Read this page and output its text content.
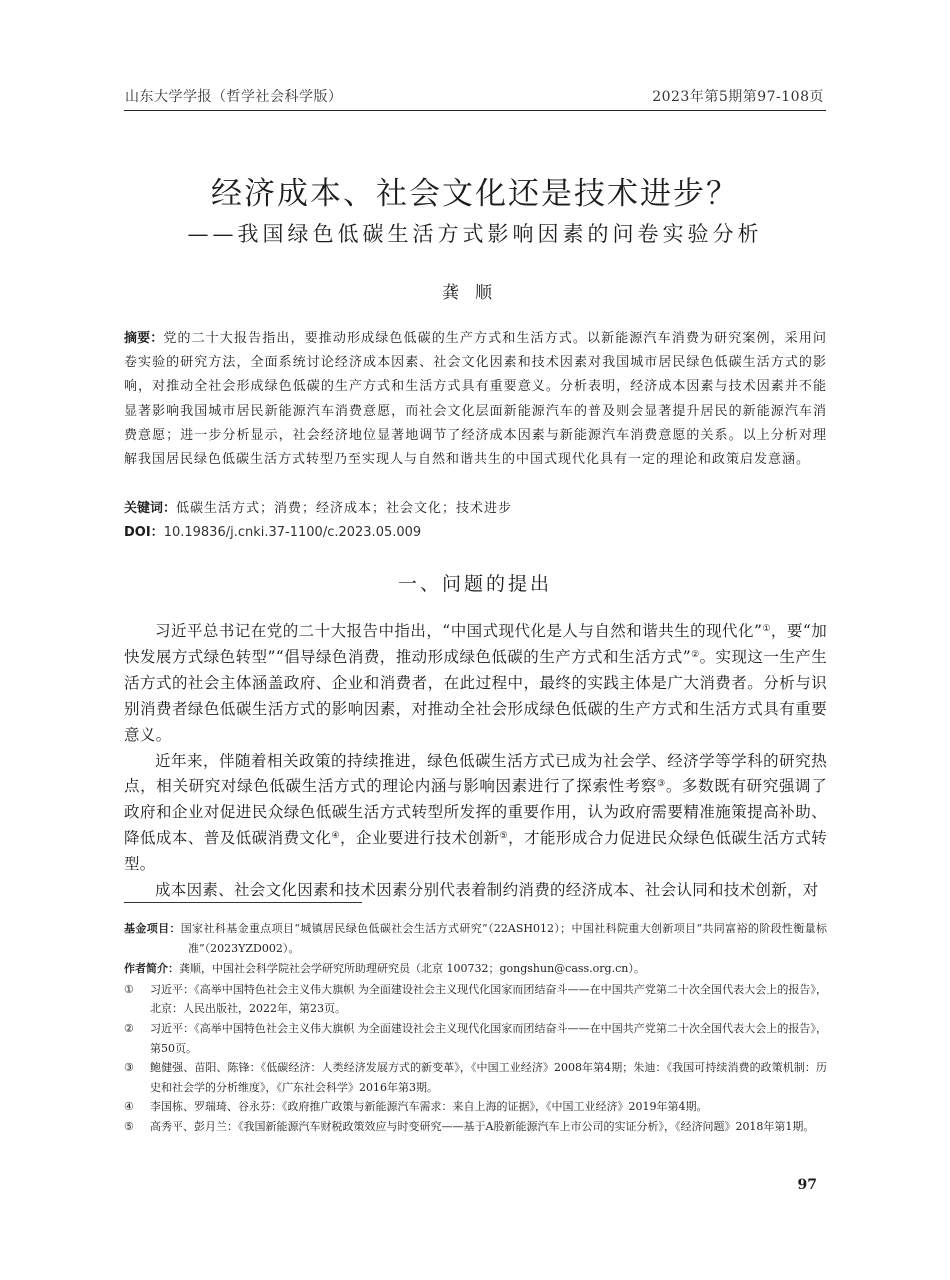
山东大学学报（哲学社会科学版）	2023年第5期第97-108页
经济成本、社会文化还是技术进步？
——我国绿色低碳生活方式影响因素的问卷实验分析
龚顺

摘要：党的二十大报告指出，要推动形成绿色低碳的生产方式和生活方式。以新能源汽车消费为研究案例，采用问卷实验的研究方法，全面系统讨论经济成本因素、社会文化因素和技术因素对我国城市居民绿色低碳生活方式的影响，对推动全社会形成绿色低碳的生产方式和生活方式具有重要意义。分析表明，经济成本因素与技术因素并不能显著影响我国城市居民新能源汽车消费意愿，而社会文化层面新能源汽车的普及则会显著提升居民的新能源汽车消费意愿；进一步分析显示，社会经济地位显著地调节了经济成本因素与新能源汽车消费意愿的关系。以上分析对理解我国居民绿色低碳生活方式转型乃至实现人与自然和谐共生的中国式现代化具有一定的理论和政策启发意涵。

关键词：低碳生活方式；消费；经济成本；社会文化；技术进步
DOI：10.19836/j.cnki.37-1100/c.2023.05.009
一、问题的提出

习近平总书记在党的二十大报告中指出，“中国式现代化是人与自然和谐共生的现代化”①，要“加快发展方式绿色转型”“倡导绿色消费，推动形成绿色低碳的生产方式和生活方式”②。实现这一生产生活方式的社会主体涵盖政府、企业和消费者，在此过程中，最终的实践主体是广大消费者。分析与识别消费者绿色低碳生活方式的影响因素，对推动全社会形成绿色低碳的生产方式和生活方式具有重要意义。

近年来，伴随着相关政策的持续推进，绿色低碳生活方式已成为社会学、经济学等学科的研究热点，相关研究对绿色低碳生活方式的理论内涵与影响因素进行了探索性考察③。多数既有研究强调了政府和企业对促进民众绿色低碳生活方式转型所发挥的重要作用，认为政府需要精准施策提高补助、降低成本、普及低碳消费文化④，企业要进行技术创新⑤，才能形成合力促进民众绿色低碳生活方式转型。

成本因素、社会文化因素和技术因素分别代表着制约消费的经济成本、社会认同和技术创新，对

基金项目：国家社科基金重点项目“城镇居民绿色低碳社会生活方式研究”（22ASH012）；中国社科院重大创新项目“共同富裕的阶段性衡量标准”（2023YZD002）。
作者简介：龚顺，中国社会科学院社会学研究所助理研究员（北京 100732；gongshun@cass.org.cn）。
① 习近平：《高举中国特色社会主义伟大旗帜 为全面建设社会主义现代化国家而团结奋斗——在中国共产党第二十次全国代表大会上的报告》，北京：人民出版社，2022年，第23页。
② 习近平：《高举中国特色社会主义伟大旗帜 为全面建设社会主义现代化国家而团结奋斗——在中国共产党第二十次全国代表大会上的报告》，第50页。
③ 鲍健强、苗阳、陈锋：《低碳经济：人类经济发展方式的新变革》，《中国工业经济》2008年第4期；朱迪：《我国可持续消费的政策机制：历史和社会学的分析维度》，《广东社会科学》2016年第3期。
④ 李国栋、罗瑞琦、谷永芬：《政府推广政策与新能源汽车需求：来自上海的证据》，《中国工业经济》2019年第4期。
⑤ 高秀平、彭月兰：《我国新能源汽车财税政策效应与时变研究——基于A股新能源汽车上市公司的实证分析》，《经济问题》2018年第1期。
97
